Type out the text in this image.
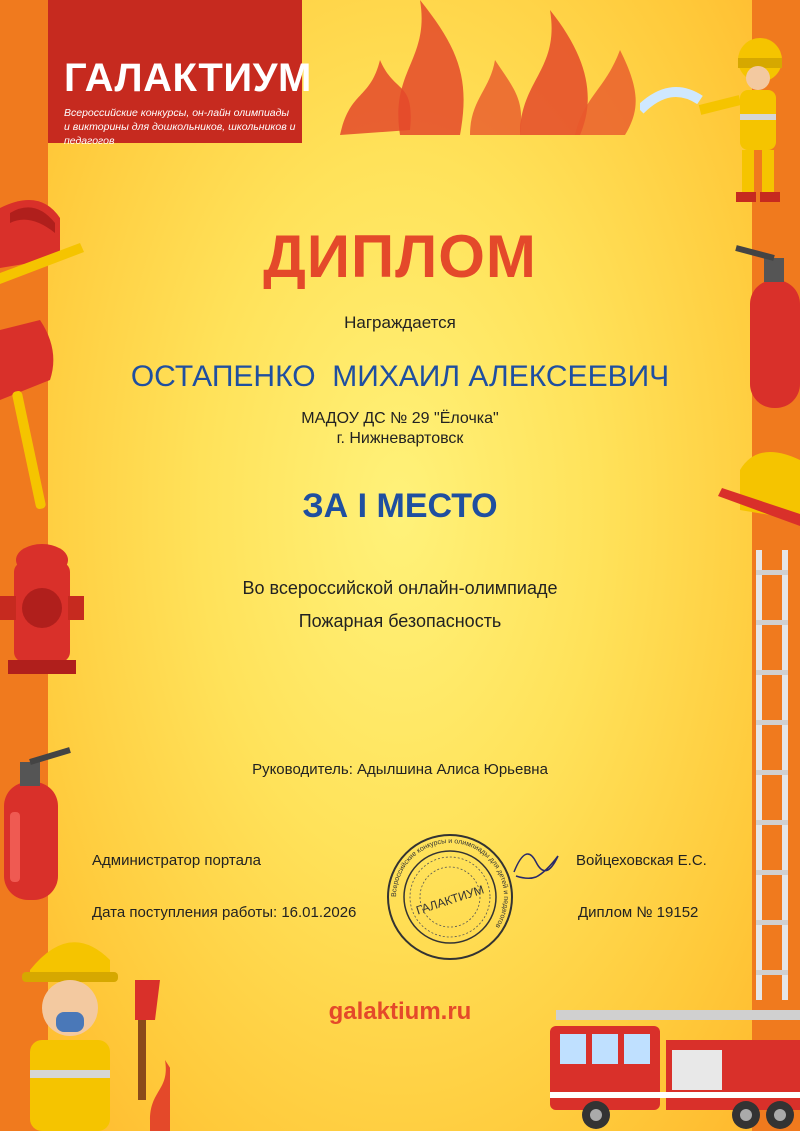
ГАЛАКТИУМ
Всероссийские конкурсы, он-лайн олимпиады и викторины для дошкольников, школьников и педагогов
ДИПЛОМ
Награждается
ОСТАПЕНКО  МИХАИЛ АЛЕКСЕЕВИЧ
МАДОУ ДС № 29 "Ёлочка"
г. Нижневартовск
ЗА I МЕСТО
Во всероссийской онлайн-олимпиаде
Пожарная безопасность
Руководитель: Адылшина Алиса Юрьевна
Администратор портала
Дата поступления работы: 16.01.2026
Войцеховская Е.С.
Диплом № 19152
Всероссийские конкурсы и олимпиады для детей и педагогов
ГАЛАКТИУМ
galaktium.ru
